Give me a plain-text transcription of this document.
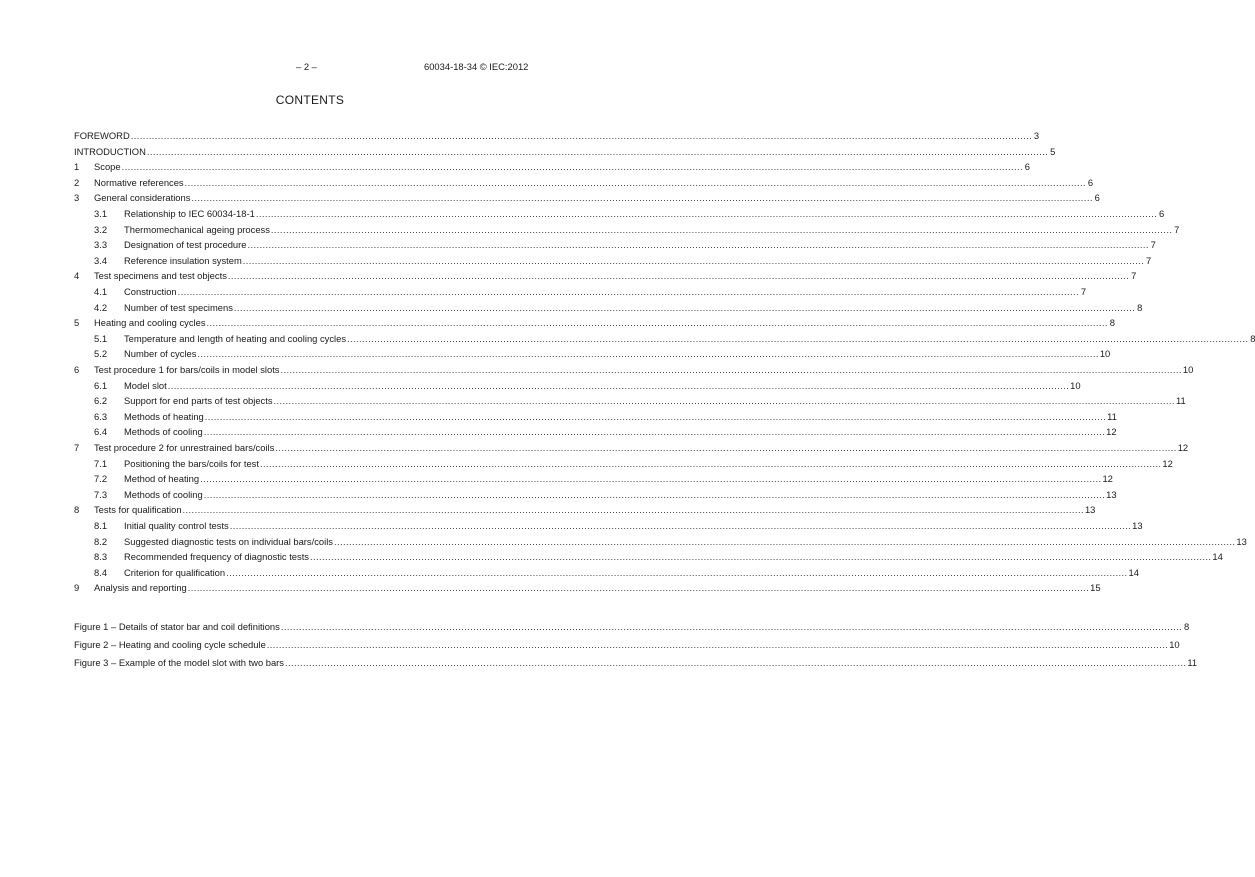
– 2 –	60034-18-34 © IEC:2012
CONTENTS
FOREWORD ............................................................................................................................................................................................................................................................................................................ 3
INTRODUCTION ............................................................................................................................................................................................................................................................................................................ 5
1	Scope ............................................................................................................................................................................................................................................................................................................ 6
2	Normative references ............................................................................................................................................................................................................................................................................................................ 6
3	General considerations ............................................................................................................................................................................................................................................................................................................ 6
3.1	Relationship to IEC 60034-18-1 ............................................................................................................................................................................................................................................................................................................ 6
3.2	Thermomechanical ageing process ............................................................................................................................................................................................................................................................................................................ 7
3.3	Designation of test procedure ............................................................................................................................................................................................................................................................................................................ 7
3.4	Reference insulation system ............................................................................................................................................................................................................................................................................................................ 7
4	Test specimens and test objects ............................................................................................................................................................................................................................................................................................................ 7
4.1	Construction ............................................................................................................................................................................................................................................................................................................ 7
4.2	Number of test specimens ............................................................................................................................................................................................................................................................................................................ 8
5	Heating and cooling cycles ............................................................................................................................................................................................................................................................................................................ 8
5.1	Temperature and length of heating and cooling cycles ............................................................................................................................................................................................................................................................................................................ 8
5.2	Number of cycles ............................................................................................................................................................................................................................................................................................................ 10
6	Test procedure 1 for bars/coils in model slots ............................................................................................................................................................................................................................................................................................................ 10
6.1	Model slot ............................................................................................................................................................................................................................................................................................................ 10
6.2	Support for end parts of test objects ............................................................................................................................................................................................................................................................................................................ 11
6.3	Methods of heating ............................................................................................................................................................................................................................................................................................................ 11
6.4	Methods of cooling ............................................................................................................................................................................................................................................................................................................ 12
7	Test procedure 2 for unrestrained bars/coils ............................................................................................................................................................................................................................................................................................................ 12
7.1	Positioning the bars/coils for test ............................................................................................................................................................................................................................................................................................................ 12
7.2	Method of heating ............................................................................................................................................................................................................................................................................................................ 12
7.3	Methods of cooling ............................................................................................................................................................................................................................................................................................................ 13
8	Tests for qualification ............................................................................................................................................................................................................................................................................................................ 13
8.1	Initial quality control tests ............................................................................................................................................................................................................................................................................................................ 13
8.2	Suggested diagnostic tests on individual bars/coils ............................................................................................................................................................................................................................................................................................................ 13
8.3	Recommended frequency of diagnostic tests ............................................................................................................................................................................................................................................................................................................ 14
8.4	Criterion for qualification ............................................................................................................................................................................................................................................................................................................ 14
9	Analysis and reporting ............................................................................................................................................................................................................................................................................................................ 15
Figure 1 – Details of stator bar and coil definitions ............................................................................................................................................................................................................................................................................................................ 8
Figure 2 – Heating and cooling cycle schedule ............................................................................................................................................................................................................................................................................................................ 10
Figure 3 – Example of the model slot with two bars ............................................................................................................................................................................................................................................................................................................ 11
